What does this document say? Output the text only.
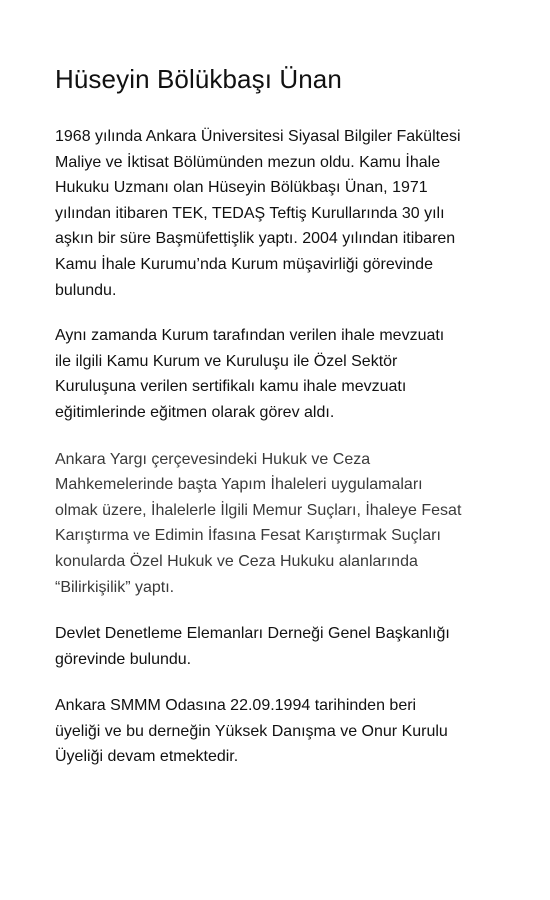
Hüseyin Bölükbaşı Ünan

1968 yılında Ankara Üniversitesi Siyasal Bilgiler Fakültesi
Maliye ve İktisat Bölümünden mezun oldu. Kamu İhale
Hukuku Uzmanı olan Hüseyin Bölükbaşı Ünan, 1971
yılından itibaren TEK, TEDAŞ Teftiş Kurullarında 30 yılı
aşkın bir süre Başmüfettişlik yaptı. 2004 yılından itibaren
Kamu İhale Kurumu’nda Kurum müşavirliği görevinde
bulundu.

Aynı zamanda Kurum tarafından verilen ihale mevzuatı
ile ilgili Kamu Kurum ve Kuruluşu ile Özel Sektör
Kuruluşuna verilen sertifikalı kamu ihale mevzuatı
eğitimlerinde eğitmen olarak görev aldı.

Ankara Yargı çerçevesindeki Hukuk ve Ceza
Mahkemelerinde başta Yapım İhaleleri uygulamaları
olmak üzere, İhalelerle İlgili Memur Suçları, İhaleye Fesat
Karıştırma ve Edimin İfasına Fesat Karıştırmak Suçları
konularda Özel Hukuk ve Ceza Hukuku alanlarında
“Bilirkişilik” yaptı.

Devlet Denetleme Elemanları Derneği Genel Başkanlığı
görevinde bulundu.

Ankara SMMM Odasına 22.09.1994 tarihinden beri
üyeliği ve bu derneğin Yüksek Danışma ve Onur Kurulu
Üyeliği devam etmektedir.
